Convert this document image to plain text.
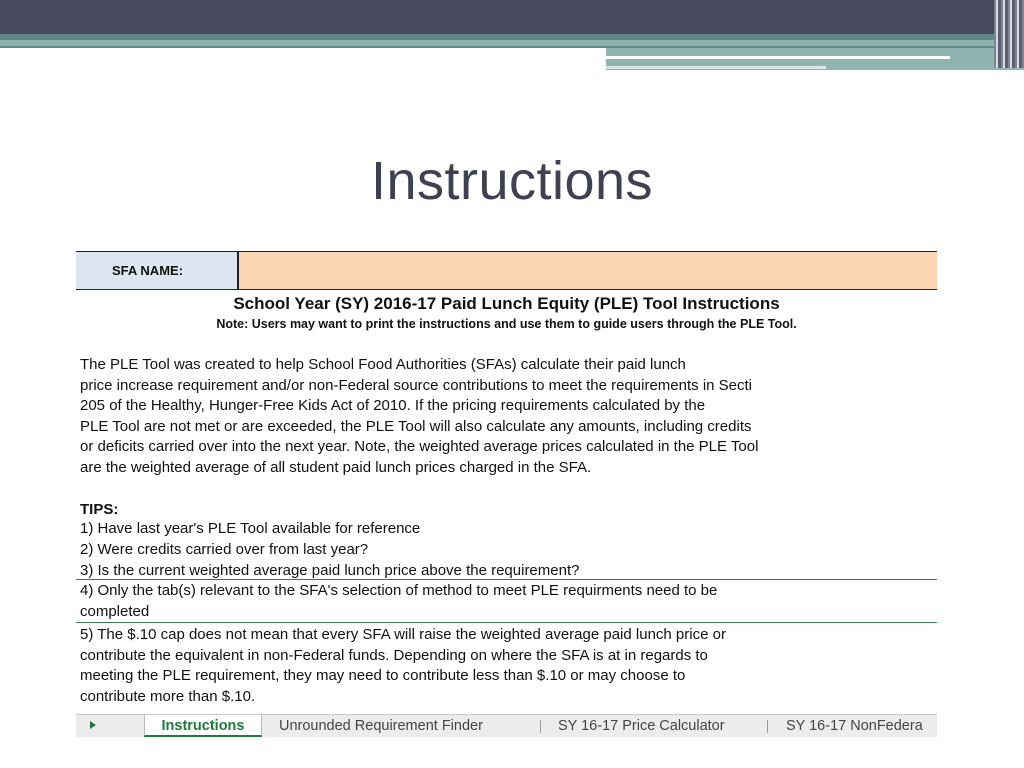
Instructions
SFA NAME:
School Year (SY) 2016-17 Paid Lunch Equity (PLE) Tool Instructions
Note: Users may want to print the instructions and use them to guide users through the PLE Tool.
The PLE Tool was created to help School Food Authorities (SFAs) calculate their paid lunch
price increase requirement and/or non-Federal source contributions to meet the requirements in Secti
205 of the Healthy, Hunger-Free Kids Act of 2010. If the pricing requirements calculated by the
PLE Tool are not met or are exceeded, the PLE Tool will also calculate any amounts, including credits
or deficits carried over into the next year. Note, the weighted average prices calculated in the PLE Tool
are the weighted average of all student paid lunch prices charged in the SFA.
TIPS:
1) Have last year's PLE Tool available for reference
2) Were credits carried over from last year?
3) Is the current weighted average paid lunch price above the requirement?
4) Only the tab(s) relevant to the SFA's selection of method to meet PLE requirments need to be
completed
5) The $.10 cap does not mean that every SFA will raise the weighted average paid lunch price or
contribute the equivalent in non-Federal funds. Depending on where the SFA is at in regards to
meeting the PLE requirement, they may need to contribute less than $.10 or may choose to
contribute more than $.10.
Instructions	Unrounded Requirement Finder	SY 16-17 Price Calculator	SY 16-17 NonFedera
